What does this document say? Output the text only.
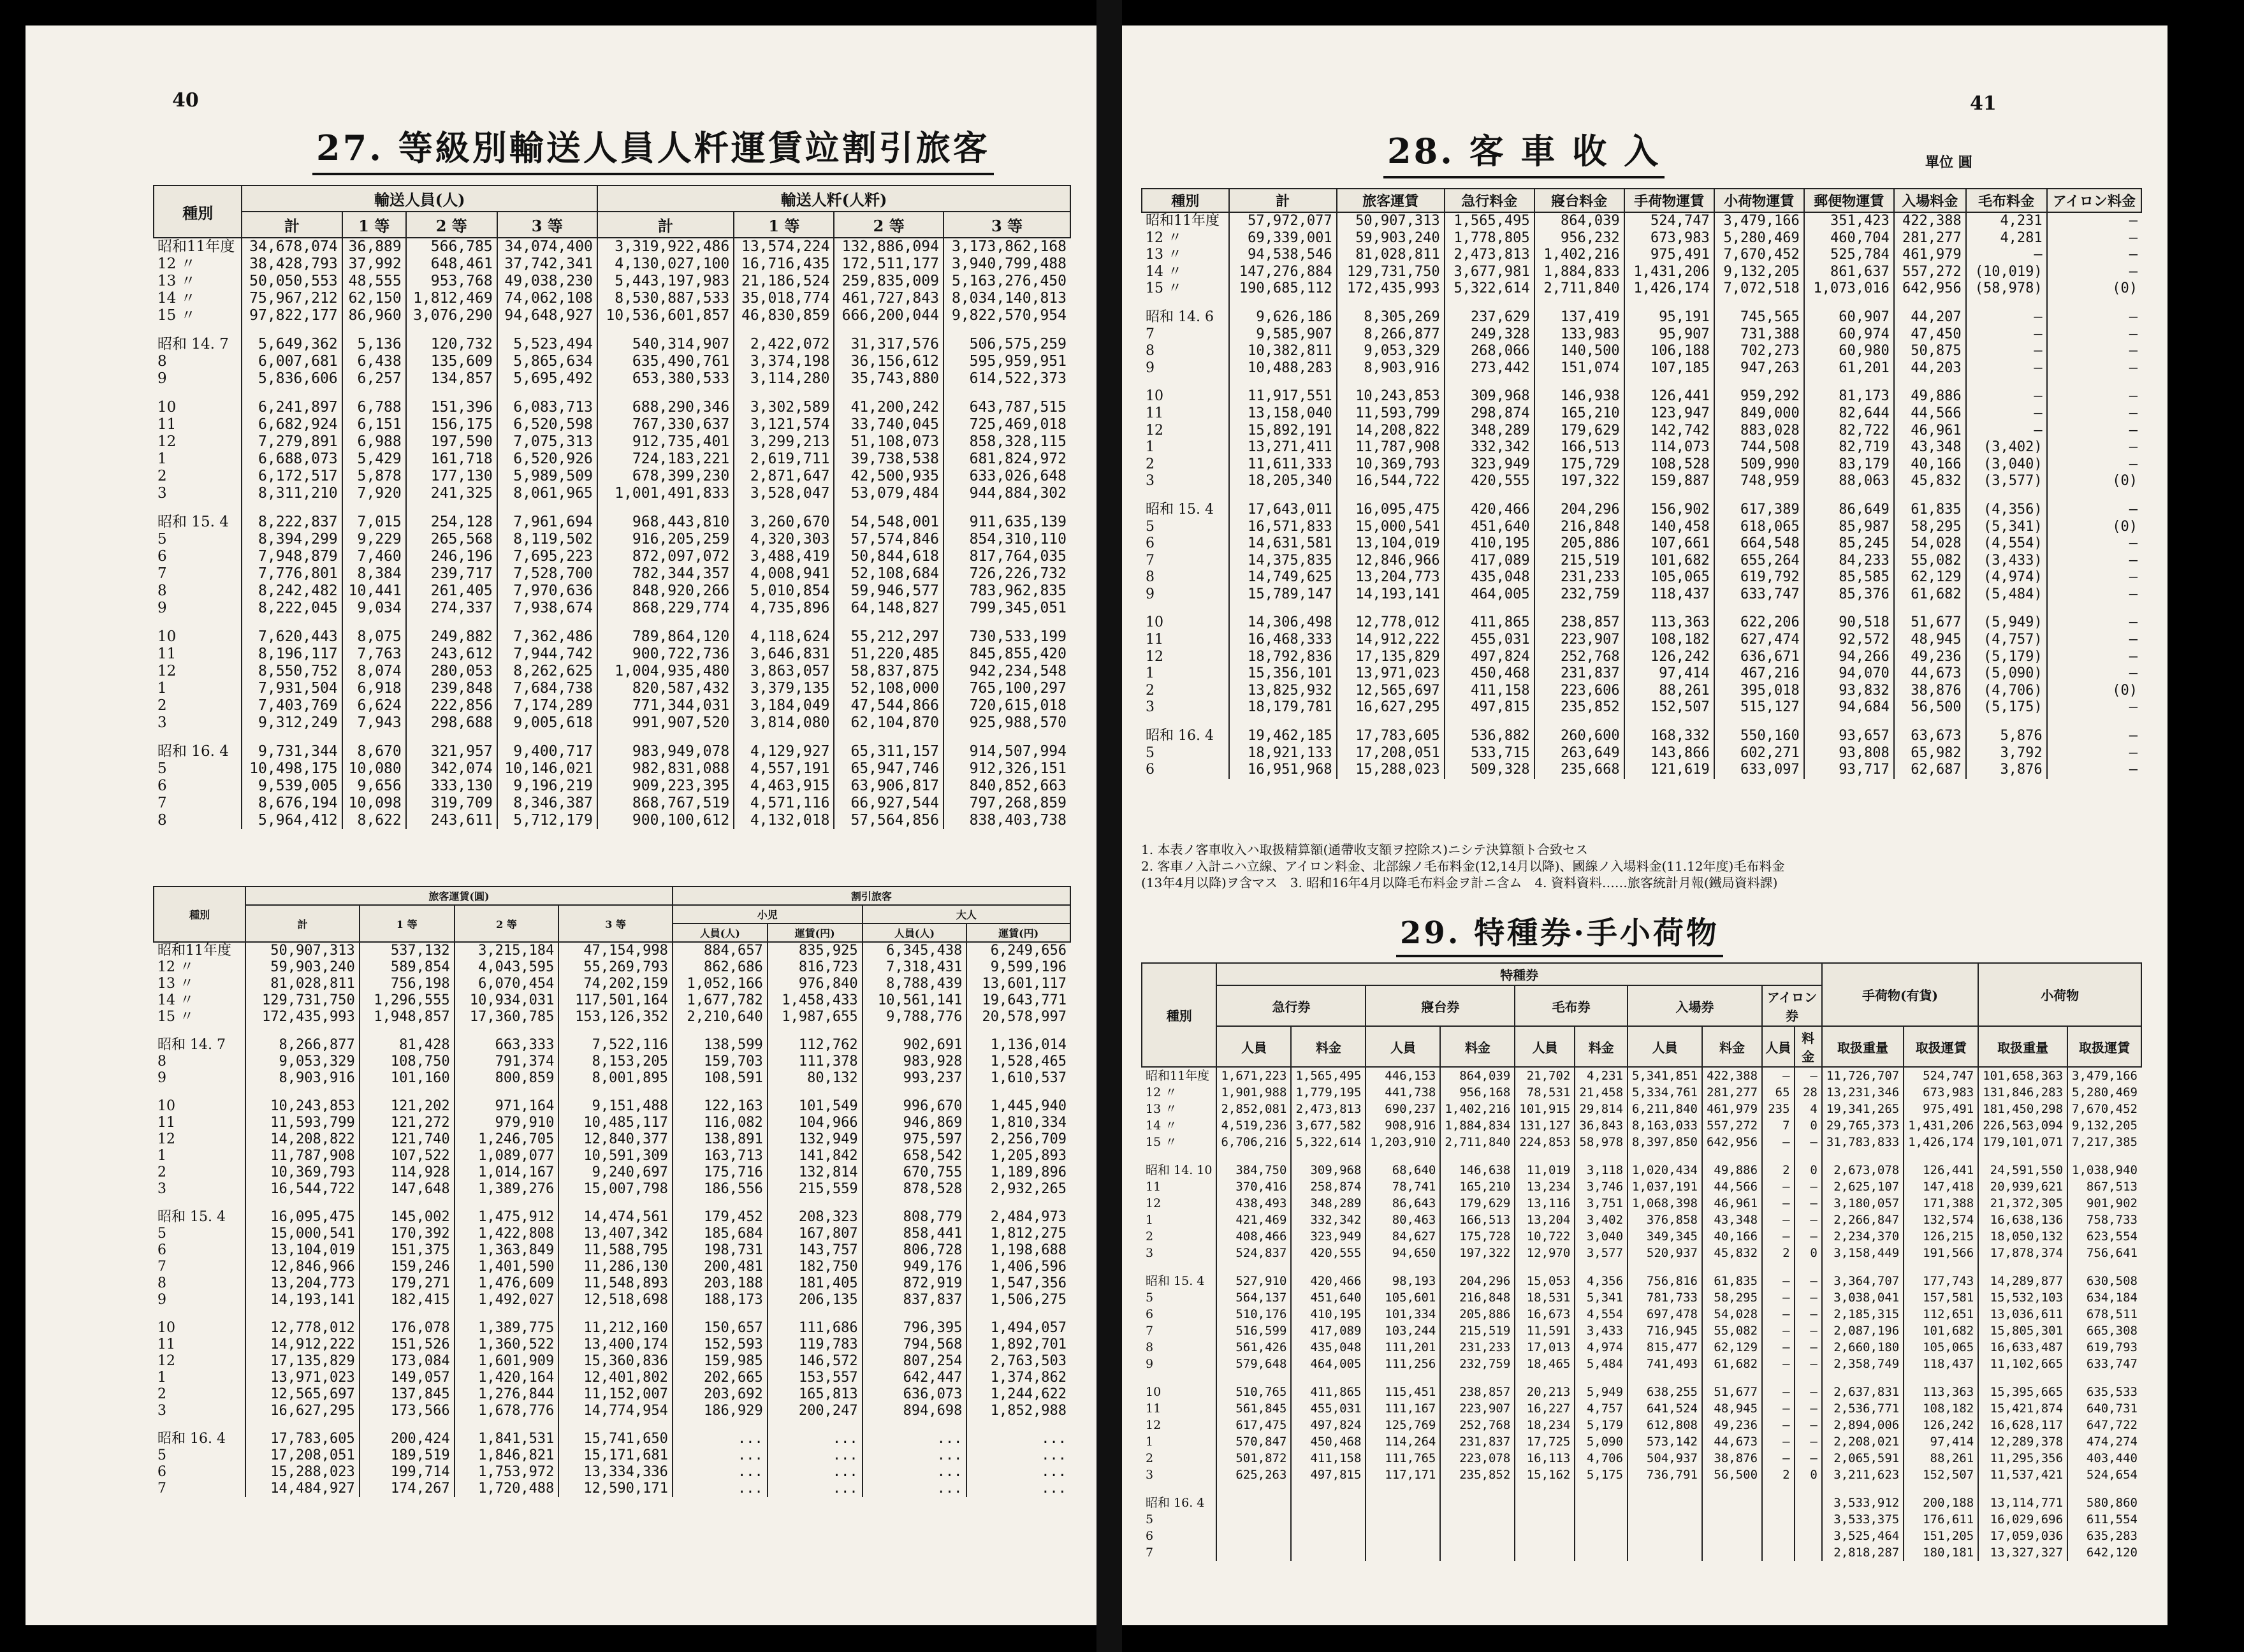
40
27. 等級別輸送人員人粁運賃竝割引旅客
種別	輸送人員(人)				輸送人粁(人粁)			
	計	1 等	2 等	3 等	計	1 等	2 等	3 等
昭和11年度	34,678,074	36,889	566,785	34,074,400	3,319,922,486	13,574,224	132,886,094	3,173,862,168
12 〃	38,428,793	37,992	648,461	37,742,341	4,130,027,100	16,716,435	172,511,177	3,940,799,488
13 〃	50,050,553	48,555	953,768	49,038,230	5,443,197,983	21,186,524	259,835,009	5,163,276,450
14 〃	75,967,212	62,150	1,812,469	74,062,108	8,530,887,533	35,018,774	461,727,843	8,034,140,813
15 〃	97,822,177	86,960	3,076,290	94,648,927	10,536,601,857	46,830,859	666,200,044	9,822,570,954

昭和 14. 7	5,649,362	5,136	120,732	5,523,494	540,314,907	2,422,072	31,317,576	506,575,259
8	6,007,681	6,438	135,609	5,865,634	635,490,761	3,374,198	36,156,612	595,959,951
9	5,836,606	6,257	134,857	5,695,492	653,380,533	3,114,280	35,743,880	614,522,373

10	6,241,897	6,788	151,396	6,083,713	688,290,346	3,302,589	41,200,242	643,787,515
11	6,682,924	6,151	156,175	6,520,598	767,330,637	3,121,574	33,740,045	725,469,018
12	7,279,891	6,988	197,590	7,075,313	912,735,401	3,299,213	51,108,073	858,328,115
1	6,688,073	5,429	161,718	6,520,926	724,183,221	2,619,711	39,738,538	681,824,972
2	6,172,517	5,878	177,130	5,989,509	678,399,230	2,871,647	42,500,935	633,026,648
3	8,311,210	7,920	241,325	8,061,965	1,001,491,833	3,528,047	53,079,484	944,884,302

昭和 15. 4	8,222,837	7,015	254,128	7,961,694	968,443,810	3,260,670	54,548,001	911,635,139
5	8,394,299	9,229	265,568	8,119,502	916,205,259	4,320,303	57,574,846	854,310,110
6	7,948,879	7,460	246,196	7,695,223	872,097,072	3,488,419	50,844,618	817,764,035
7	7,776,801	8,384	239,717	7,528,700	782,344,357	4,008,941	52,108,684	726,226,732
8	8,242,482	10,441	261,405	7,970,636	848,920,266	5,010,854	59,946,577	783,962,835
9	8,222,045	9,034	274,337	7,938,674	868,229,774	4,735,896	64,148,827	799,345,051

10	7,620,443	8,075	249,882	7,362,486	789,864,120	4,118,624	55,212,297	730,533,199
11	8,196,117	7,763	243,612	7,944,742	900,722,736	3,646,831	51,220,485	845,855,420
12	8,550,752	8,074	280,053	8,262,625	1,004,935,480	3,863,057	58,837,875	942,234,548
1	7,931,504	6,918	239,848	7,684,738	820,587,432	3,379,135	52,108,000	765,100,297
2	7,403,769	6,624	222,856	7,174,289	771,344,031	3,184,049	47,544,866	720,615,018
3	9,312,249	7,943	298,688	9,005,618	991,907,520	3,814,080	62,104,870	925,988,570

昭和 16. 4	9,731,344	8,670	321,957	9,400,717	983,949,078	4,129,927	65,311,157	914,507,994
5	10,498,175	10,080	342,074	10,146,021	982,831,088	4,557,191	65,947,746	912,326,151
6	9,539,005	9,656	333,130	9,196,219	909,223,395	4,463,915	63,906,817	840,852,663
7	8,676,194	10,098	319,709	8,346,387	868,767,519	4,571,116	66,927,544	797,268,859
8	5,964,412	8,622	243,611	5,712,179	900,100,612	4,132,018	57,564,856	838,403,738
種別	旅客運賃(圓)				割引旅客			
	計	1 等	2 等	3 等	小児		大人	
					人員(人)	運賃(円)	人員(人)	運賃(円)
昭和11年度	50,907,313	537,132	3,215,184	47,154,998	884,657	835,925	6,345,438	6,249,656
12 〃	59,903,240	589,854	4,043,595	55,269,793	862,686	816,723	7,318,431	9,599,196
13 〃	81,028,811	756,198	6,070,454	74,202,159	1,052,166	976,840	8,788,439	13,601,117
14 〃	129,731,750	1,296,555	10,934,031	117,501,164	1,677,782	1,458,433	10,561,141	19,643,771
15 〃	172,435,993	1,948,857	17,360,785	153,126,352	2,210,640	1,987,655	9,788,776	20,578,997

昭和 14. 7	8,266,877	81,428	663,333	7,522,116	138,599	112,762	902,691	1,136,014
8	9,053,329	108,750	791,374	8,153,205	159,703	111,378	983,928	1,528,465
9	8,903,916	101,160	800,859	8,001,895	108,591	80,132	993,237	1,610,537

10	10,243,853	121,202	971,164	9,151,488	122,163	101,549	996,670	1,445,940
11	11,593,799	121,272	979,910	10,485,117	116,082	104,966	946,869	1,810,334
12	14,208,822	121,740	1,246,705	12,840,377	138,891	132,949	975,597	2,256,709
1	11,787,908	107,522	1,089,077	10,591,309	163,713	141,842	658,542	1,205,893
2	10,369,793	114,928	1,014,167	9,240,697	175,716	132,814	670,755	1,189,896
3	16,544,722	147,648	1,389,276	15,007,798	186,556	215,559	878,528	2,932,265

昭和 15. 4	16,095,475	145,002	1,475,912	14,474,561	179,452	208,323	808,779	2,484,973
5	15,000,541	170,392	1,422,808	13,407,342	185,684	167,807	858,441	1,812,275
6	13,104,019	151,375	1,363,849	11,588,795	198,731	143,757	806,728	1,198,688
7	12,846,966	159,246	1,401,590	11,286,130	200,481	182,750	949,176	1,406,596
8	13,204,773	179,271	1,476,609	11,548,893	203,188	181,405	872,919	1,547,356
9	14,193,141	182,415	1,492,027	12,518,698	188,173	206,135	837,837	1,506,275

10	12,778,012	176,078	1,389,775	11,212,160	150,657	111,686	796,395	1,494,057
11	14,912,222	151,526	1,360,522	13,400,174	152,593	119,783	794,568	1,892,701
12	17,135,829	173,084	1,601,909	15,360,836	159,985	146,572	807,254	2,763,503
1	13,971,023	149,057	1,420,164	12,401,802	202,665	153,557	642,447	1,374,862
2	12,565,697	137,845	1,276,844	11,152,007	203,692	165,813	636,073	1,244,622
3	16,627,295	173,566	1,678,776	14,774,954	186,929	200,247	894,698	1,852,988

昭和 16. 4	17,783,605	200,424	1,841,531	15,741,650	...	...	...	...
5	17,208,051	189,519	1,846,821	15,171,681	...	...	...	...
6	15,288,023	199,714	1,753,972	13,334,336	...	...	...	...
7	14,484,927	174,267	1,720,488	12,590,171	...	...	...	...
41
28. 客 車 收 入	單位 圓
種別	計	旅客運賃	急行料金	寢台料金	手荷物運賃	小荷物運賃	郵便物運賃	入場料金	毛布料金	アイロン料金
昭和11年度	57,972,077	50,907,313	1,565,495	864,039	524,747	3,479,166	351,423	422,388	4,231	—
12 〃	69,339,001	59,903,240	1,778,805	956,232	673,983	5,280,469	460,704	281,277	4,281	—
13 〃	94,538,546	81,028,811	2,473,813	1,402,216	975,491	7,670,452	525,784	461,979	—	—
14 〃	147,276,884	129,731,750	3,677,981	1,884,833	1,431,206	9,132,205	861,637	557,272	(10,019)	—
15 〃	190,685,112	172,435,993	5,322,614	2,711,840	1,426,174	7,072,518	1,073,016	642,956	(58,978)	(0)

昭和 14. 6	9,626,186	8,305,269	237,629	137,419	95,191	745,565	60,907	44,207	—	—
7	9,585,907	8,266,877	249,328	133,983	95,907	731,388	60,974	47,450	—	—
8	10,382,811	9,053,329	268,066	140,500	106,188	702,273	60,980	50,875	—	—
9	10,488,283	8,903,916	273,442	151,074	107,185	947,263	61,201	44,203	—	—

10	11,917,551	10,243,853	309,968	146,938	126,441	959,292	81,173	49,886	—	—
11	13,158,040	11,593,799	298,874	165,210	123,947	849,000	82,644	44,566	—	—
12	15,892,191	14,208,822	348,289	179,629	142,742	883,028	82,722	46,961	—	—
1	13,271,411	11,787,908	332,342	166,513	114,073	744,508	82,719	43,348	(3,402)	—
2	11,611,333	10,369,793	323,949	175,729	108,528	509,990	83,179	40,166	(3,040)	—
3	18,205,340	16,544,722	420,555	197,322	159,887	748,959	88,063	45,832	(3,577)	(0)

昭和 15. 4	17,643,011	16,095,475	420,466	204,296	156,902	617,389	86,649	61,835	(4,356)	—
5	16,571,833	15,000,541	451,640	216,848	140,458	618,065	85,987	58,295	(5,341)	(0)
6	14,631,581	13,104,019	410,195	205,886	107,661	664,548	85,245	54,028	(4,554)	—
7	14,375,835	12,846,966	417,089	215,519	101,682	655,264	84,233	55,082	(3,433)	—
8	14,749,625	13,204,773	435,048	231,233	105,065	619,792	85,585	62,129	(4,974)	—
9	15,789,147	14,193,141	464,005	232,759	118,437	633,747	85,376	61,682	(5,484)	—

10	14,306,498	12,778,012	411,865	238,857	113,363	622,206	90,518	51,677	(5,949)	—
11	16,468,333	14,912,222	455,031	223,907	108,182	627,474	92,572	48,945	(4,757)	—
12	18,792,836	17,135,829	497,824	252,768	126,242	636,671	94,266	49,236	(5,179)	—
1	15,356,101	13,971,023	450,468	231,837	97,414	467,216	94,070	44,673	(5,090)	—
2	13,825,932	12,565,697	411,158	223,606	88,261	395,018	93,832	38,876	(4,706)	(0)
3	18,179,781	16,627,295	497,815	235,852	152,507	515,127	94,684	56,500	(5,175)	—

昭和 16. 4	19,462,185	17,783,605	536,882	260,600	168,332	550,160	93,657	63,673	5,876	—
5	18,921,133	17,208,051	533,715	263,649	143,866	602,271	93,808	65,982	3,792	—
6	16,951,968	15,288,023	509,328	235,668	121,619	633,097	93,717	62,687	3,876	—
1. 本表ノ客車收入ハ取扱精算額(通帶收支額ヲ控除ス)ニシテ決算額ト合致セス
2. 客車ノ入計ニハ立線、アイロン料金、北部線ノ毛布料金(12,14月以降)、國線ノ入場料金(11.12年度)毛布料金
(13年4月以降)ヲ含マス　3. 昭和16年4月以降毛布料金ヲ計ニ含ム　4. 資料資料……旅客統計月報(鐵局資料課)
29. 特種券·手小荷物
種別	特種券										手荷物(有貨)		小荷物	
	急行券		寢台券		毛布券		入場券		アイロン券					
	人員	料金	人員	料金	人員	料金	人員	料金	人員	料金	取扱重量	取扱運賃	取扱重量	取扱運賃
昭和11年度	1,671,223	1,565,495	446,153	864,039	21,702	4,231	5,341,851	422,388	—	—	11,726,707	524,747	101,658,363	3,479,166
12 〃	1,901,988	1,779,195	441,738	956,168	78,531	21,458	5,334,761	281,277	65	28	13,231,346	673,983	131,846,283	5,280,469
13 〃	2,852,081	2,473,813	690,237	1,402,216	101,915	29,814	6,211,840	461,979	235	4	19,341,265	975,491	181,450,298	7,670,452
14 〃	4,519,236	3,677,582	908,916	1,884,834	131,127	36,843	8,163,033	557,272	7	0	29,765,373	1,431,206	226,563,094	9,132,205
15 〃	6,706,216	5,322,614	1,203,910	2,711,840	224,853	58,978	8,397,850	642,956	—	—	31,783,833	1,426,174	179,101,071	7,217,385

昭和 14. 10	384,750	309,968	68,640	146,638	11,019	3,118	1,020,434	49,886	2	0	2,673,078	126,441	24,591,550	1,038,940
11	370,416	258,874	78,741	165,210	13,234	3,746	1,037,191	44,566	—	—	2,625,107	147,418	20,939,621	867,513
12	438,493	348,289	86,643	179,629	13,116	3,751	1,068,398	46,961	—	—	3,180,057	171,388	21,372,305	901,902
1	421,469	332,342	80,463	166,513	13,204	3,402	376,858	43,348	—	—	2,266,847	132,574	16,638,136	758,733
2	408,466	323,949	84,627	175,728	10,722	3,040	349,345	40,166	—	—	2,234,370	126,215	18,050,132	623,554
3	524,837	420,555	94,650	197,322	12,970	3,577	520,937	45,832	2	0	3,158,449	191,566	17,878,374	756,641

昭和 15. 4	527,910	420,466	98,193	204,296	15,053	4,356	756,816	61,835	—	—	3,364,707	177,743	14,289,877	630,508
5	564,137	451,640	105,601	216,848	18,531	5,341	781,733	58,295	—	—	3,038,041	157,581	15,532,103	634,184
6	510,176	410,195	101,334	205,886	16,673	4,554	697,478	54,028	—	—	2,185,315	112,651	13,036,611	678,511
7	516,599	417,089	103,244	215,519	11,591	3,433	716,945	55,082	—	—	2,087,196	101,682	15,805,301	665,308
8	561,426	435,048	111,201	231,233	17,013	4,974	815,477	62,129	—	—	2,660,180	105,065	16,633,487	619,793
9	579,648	464,005	111,256	232,759	18,465	5,484	741,493	61,682	—	—	2,358,749	118,437	11,102,665	633,747

10	510,765	411,865	115,451	238,857	20,213	5,949	638,255	51,677	—	—	2,637,831	113,363	15,395,665	635,533
11	561,845	455,031	111,167	223,907	16,227	4,757	641,524	48,945	—	—	2,536,771	108,182	15,421,874	640,731
12	617,475	497,824	125,769	252,768	18,234	5,179	612,808	49,236	—	—	2,894,006	126,242	16,628,117	647,722
1	570,847	450,468	114,264	231,837	17,725	5,090	573,142	44,673	—	—	2,208,021	97,414	12,289,378	474,274
2	501,872	411,158	111,765	223,078	16,113	4,706	504,937	38,876	—	—	2,065,591	88,261	11,295,356	403,440
3	625,263	497,815	117,171	235,852	15,162	5,175	736,791	56,500	2	0	3,211,623	152,507	11,537,421	524,654

昭和 16. 4											3,533,912	200,188	13,114,771	580,860
5											3,533,375	176,611	16,029,696	611,554
6											3,525,464	151,205	17,059,036	635,283
7											2,818,287	180,181	13,327,327	642,120
